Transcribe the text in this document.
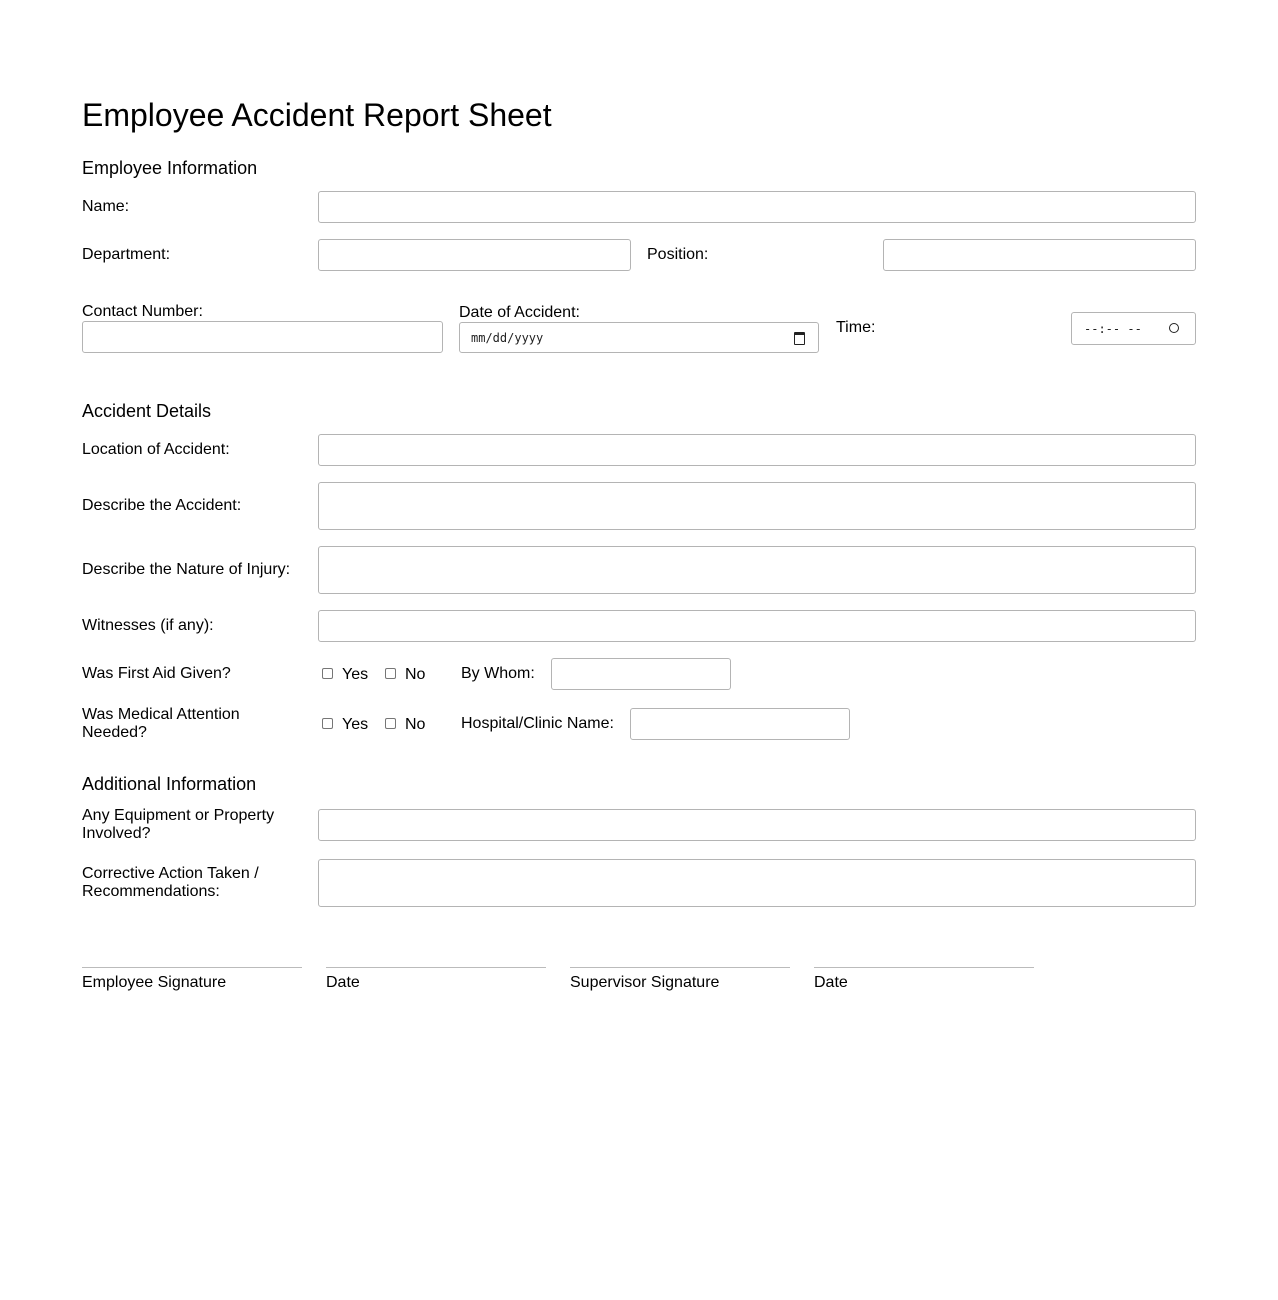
Employee Accident Report Sheet
Employee Information
Name:
Department:	Position:
Contact Number:	Date of Accident:
mm/dd/yyyy
Time:	--:-- --
Accident Details
Location of Accident:
Describe the Accident:
Describe the Nature of Injury:
Witnesses (if any):
Was First Aid Given?	Yes No By Whom:
Was Medical Attention
Needed?	Yes No Hospital/Clinic Name:
Additional Information
Any Equipment or Property
Involved?
Corrective Action Taken /
Recommendations:
Employee Signature	Date	Supervisor Signature	Date
